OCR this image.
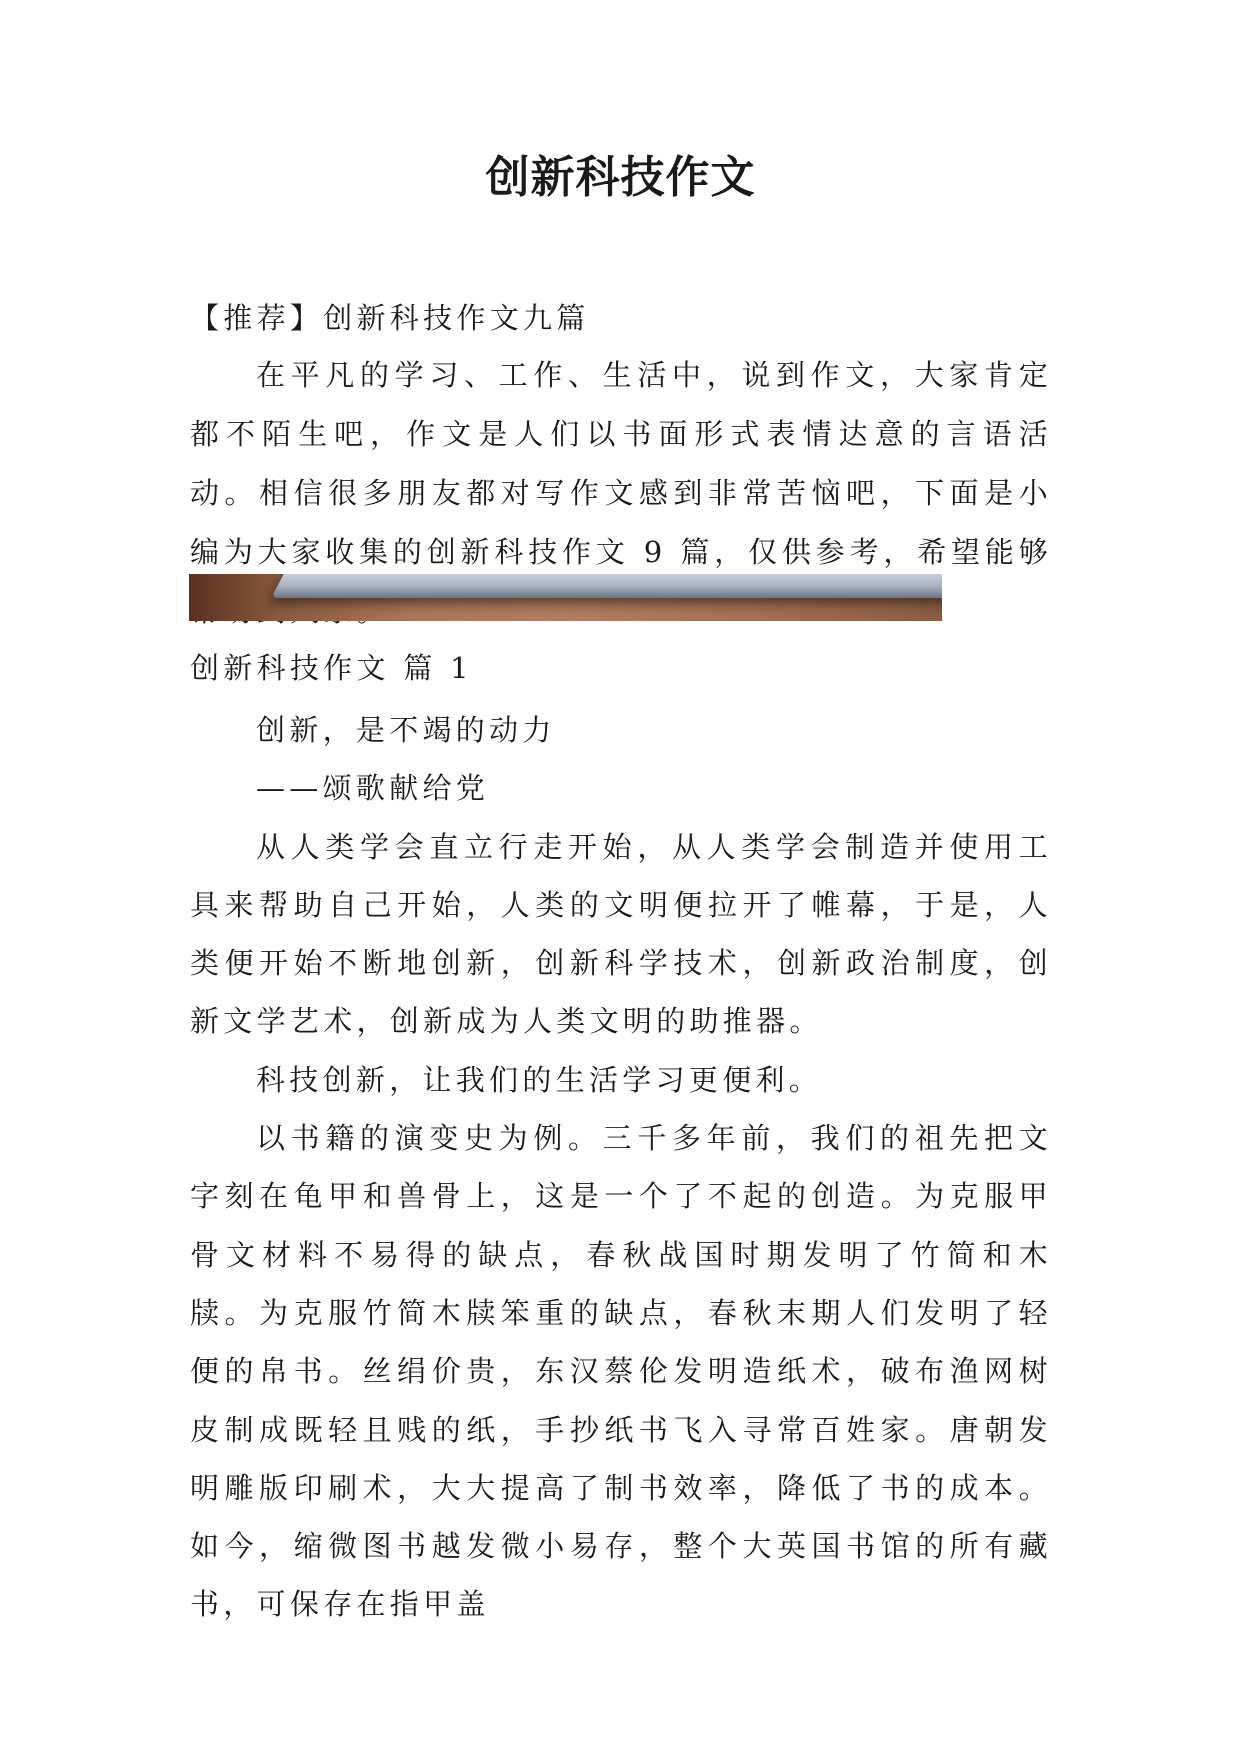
创新科技作文

【推荐】创新科技作文九篇

在平凡的学习、工作、生活中，说到作文，大家肯定都不陌生吧，作文是人们以书面形式表情达意的言语活动。相信很多朋友都对写作文感到非常苦恼吧，下面是小编为大家收集的创新科技作文 9 篇，仅供参考，希望能够

创新科技作文 篇 1

创新，是不竭的动力

——颂歌献给党

从人类学会直立行走开始，从人类学会制造并使用工具来帮助自己开始，人类的文明便拉开了帷幕，于是，人类便开始不断地创新，创新科学技术，创新政治制度，创新文学艺术，创新成为人类文明的助推器。

科技创新，让我们的生活学习更便利。

以书籍的演变史为例。三千多年前，我们的祖先把文字刻在龟甲和兽骨上，这是一个了不起的创造。为克服甲骨文材料不易得的缺点，春秋战国时期发明了竹简和木牍。为克服竹简木牍笨重的缺点，春秋末期人们发明了轻便的帛书。丝绢价贵，东汉蔡伦发明造纸术，破布渔网树皮制成既轻且贱的纸，手抄纸书飞入寻常百姓家。唐朝发明雕版印刷术，大大提高了制书效率，降低了书的成本。如今，缩微图书越发微小易存，整个大英国书馆的所有藏书，可保存在指甲盖
